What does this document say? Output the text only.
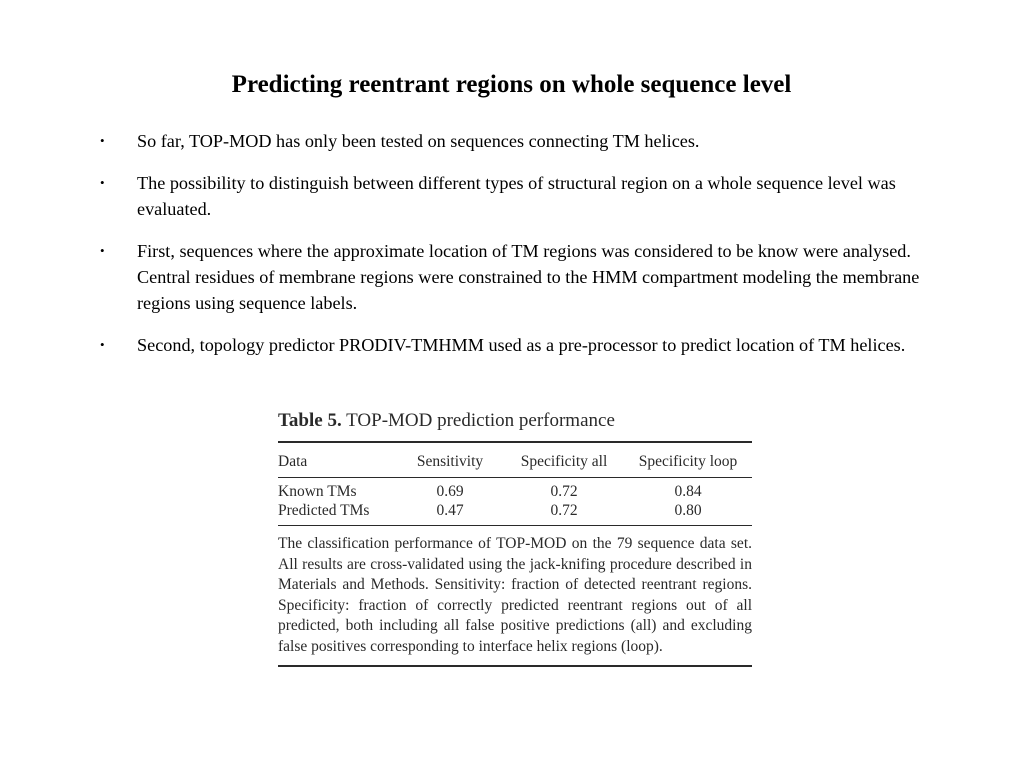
Predicting reentrant regions on whole sequence level
• So far, TOP-MOD has only been tested on sequences connecting TM helices.
• The possibility to distinguish between different types of structural region on a whole sequence level was evaluated.
• First, sequences where the approximate location of TM regions was considered to be know were analysed. Central residues of membrane regions were constrained to the HMM compartment modeling the membrane regions using sequence labels.
• Second, topology predictor PRODIV-TMHMM used as a pre-processor to predict location of TM helices.
Table 5. TOP-MOD prediction performance
Data	Sensitivity	Specificity all	Specificity loop
Known TMs	0.69	0.72	0.84
Predicted TMs	0.47	0.72	0.80
The classification performance of TOP-MOD on the 79 sequence data set. All results are cross-validated using the jack-knifing procedure described in Materials and Methods. Sensitivity: fraction of detected reentrant regions. Specificity: fraction of correctly predicted reentrant regions out of all predicted, both including all false positive predictions (all) and excluding false positives corresponding to interface helix regions (loop).
